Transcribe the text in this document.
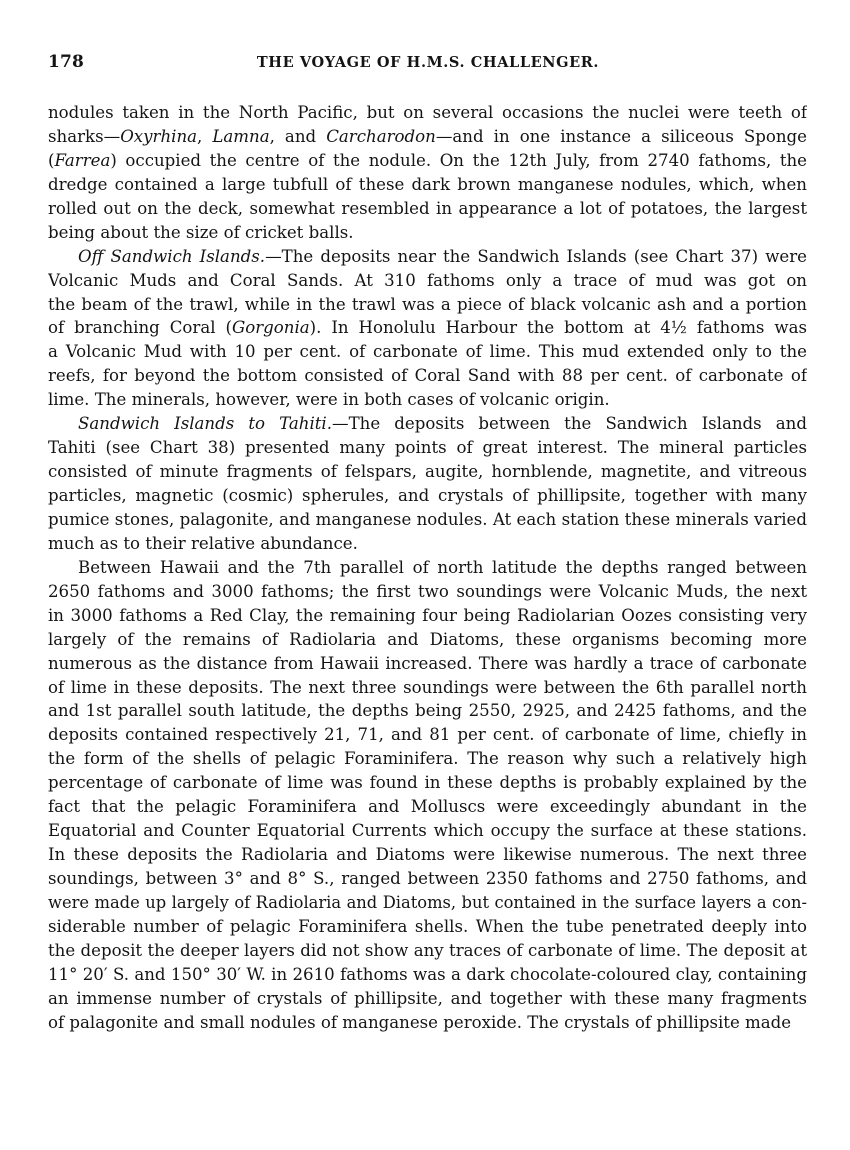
178	THE VOYAGE OF H.M.S. CHALLENGER.
nodules taken in the North Pacific, but on several occasions the nuclei were teeth of
sharks—Oxyrhina, Lamna, and Carcharodon—and in one instance a siliceous Sponge
(Farrea) occupied the centre of the nodule. On the 12th July, from 2740 fathoms, the
dredge contained a large tubfull of these dark brown manganese nodules, which, when
rolled out on the deck, somewhat resembled in appearance a lot of potatoes, the largest
being about the size of cricket balls.
Off Sandwich Islands.—The deposits near the Sandwich Islands (see Chart 37) were
Volcanic Muds and Coral Sands. At 310 fathoms only a trace of mud was got on
the beam of the trawl, while in the trawl was a piece of black volcanic ash and a portion
of branching Coral (Gorgonia). In Honolulu Harbour the bottom at 4½ fathoms was
a Volcanic Mud with 10 per cent. of carbonate of lime. This mud extended only to the
reefs, for beyond the bottom consisted of Coral Sand with 88 per cent. of carbonate of
lime. The minerals, however, were in both cases of volcanic origin.
Sandwich Islands to Tahiti.—The deposits between the Sandwich Islands and
Tahiti (see Chart 38) presented many points of great interest. The mineral particles
consisted of minute fragments of felspars, augite, hornblende, magnetite, and vitreous
particles, magnetic (cosmic) spherules, and crystals of phillipsite, together with many
pumice stones, palagonite, and manganese nodules. At each station these minerals varied
much as to their relative abundance.
Between Hawaii and the 7th parallel of north latitude the depths ranged between
2650 fathoms and 3000 fathoms; the first two soundings were Volcanic Muds, the next
in 3000 fathoms a Red Clay, the remaining four being Radiolarian Oozes consisting very
largely of the remains of Radiolaria and Diatoms, these organisms becoming more
numerous as the distance from Hawaii increased. There was hardly a trace of carbonate
of lime in these deposits. The next three soundings were between the 6th parallel north
and 1st parallel south latitude, the depths being 2550, 2925, and 2425 fathoms, and the
deposits contained respectively 21, 71, and 81 per cent. of carbonate of lime, chiefly in
the form of the shells of pelagic Foraminifera. The reason why such a relatively high
percentage of carbonate of lime was found in these depths is probably explained by the
fact that the pelagic Foraminifera and Molluscs were exceedingly abundant in the
Equatorial and Counter Equatorial Currents which occupy the surface at these stations.
In these deposits the Radiolaria and Diatoms were likewise numerous. The next three
soundings, between 3° and 8° S., ranged between 2350 fathoms and 2750 fathoms, and
were made up largely of Radiolaria and Diatoms, but contained in the surface layers a con-
siderable number of pelagic Foraminifera shells. When the tube penetrated deeply into
the deposit the deeper layers did not show any traces of carbonate of lime. The deposit at
11° 20′ S. and 150° 30′ W. in 2610 fathoms was a dark chocolate-coloured clay, containing
an immense number of crystals of phillipsite, and together with these many fragments
of palagonite and small nodules of manganese peroxide. The crystals of phillipsite made
